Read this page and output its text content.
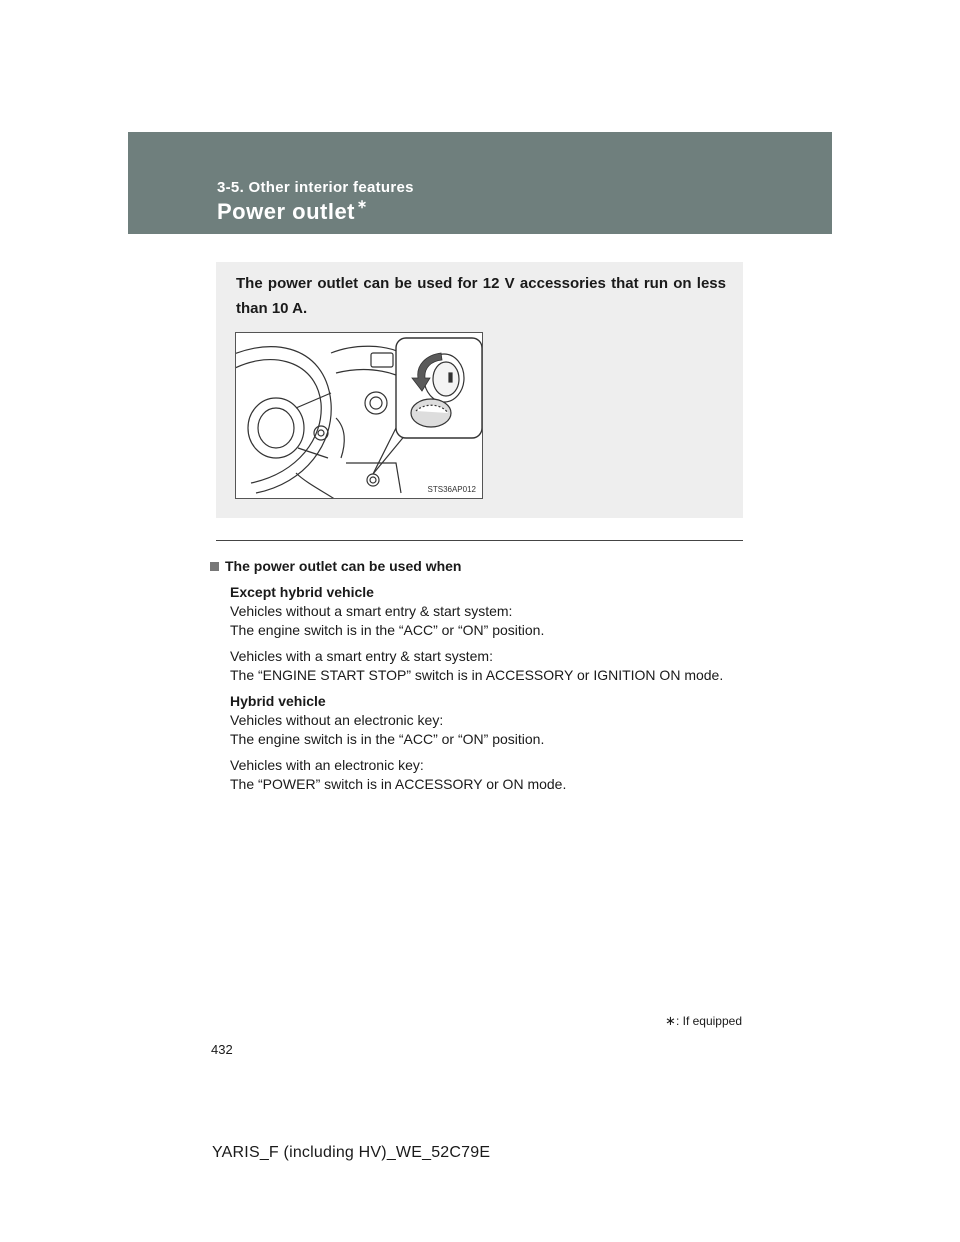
3-5. Other interior features
Power outlet ∗
The power outlet can be used for 12 V accessories that run on less than 10 A.
STS36AP012
The power outlet can be used when

Except hybrid vehicle

Vehicles without a smart entry & start system:

The engine switch is in the “ACC” or “ON” position.

Vehicles with a smart entry & start system:

The “ENGINE START STOP” switch is in ACCESSORY or IGNITION ON mode.

Hybrid vehicle

Vehicles without an electronic key:

The engine switch is in the “ACC” or “ON” position.

Vehicles with an electronic key:

The “POWER” switch is in ACCESSORY or ON mode.

∗: If equipped
432
YARIS_F (including HV)_WE_52C79E
